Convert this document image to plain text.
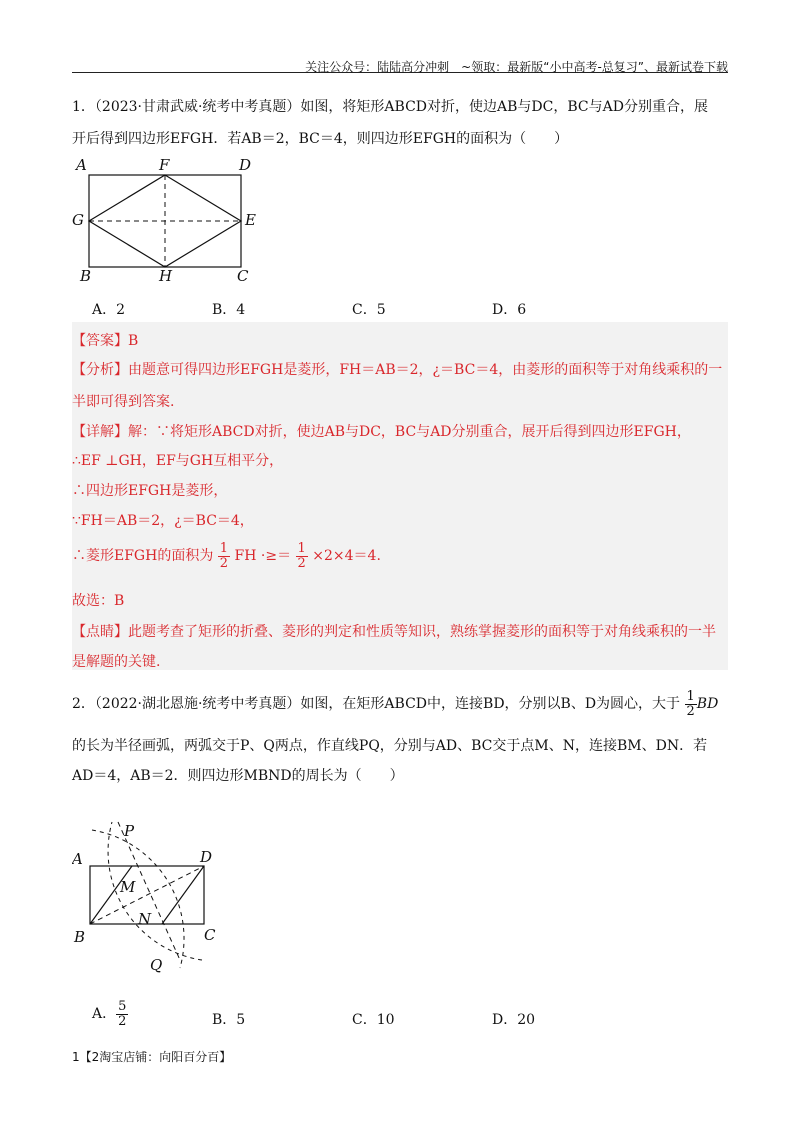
关注公众号：陆陆高分冲刺　~领取：最新版“小中高考-总复习”、最新试卷下载
1．（2023·甘肃武威·统考中考真题）如图，将矩形ABCD对折，使边AB与DC，BC与AD分别重合，展
开后得到四边形EFGH．若AB＝2，BC＝4，则四边形EFGH的面积为（　　）
A	F	D
G	E
B	H	C
A．2	B．4	C．5	D．6
【答案】B
【分析】由题意可得四边形EFGH是菱形，FH＝AB＝2，¿＝BC＝4，由菱形的面积等于对角线乘积的一
半即可得到答案.
【详解】解：∵将矩形ABCD对折，使边AB与DC，BC与AD分别重合，展开后得到四边形EFGH，
∴EF ⊥GH，EF与GH互相平分，
∴四边形EFGH是菱形，
∵FH＝AB＝2，¿＝BC＝4，
∴菱形EFGH的面积为 $\frac{1}{2}$ FH ·≥＝ $\frac{1}{2} \times 2\times 4=4$.
故选：B
【点睛】此题考查了矩形的折叠、菱形的判定和性质等知识，熟练掌握菱形的面积等于对角线乘积的一半
是解题的关键.
2．（2022·湖北恩施·统考中考真题）如图，在矩形ABCD中，连接BD，分别以B、D为圆心，大于 $\frac{1}{2}$ BD
的长为半径画弧，两弧交于P、Q两点，作直线PQ，分别与AD、BC交于点M、N，连接BM、DN．若
AD＝4，AB＝2．则四边形MBND的周长为（　　）
P
A	D
M
N
B	C
Q
A． $\frac{5}{2}$	B．5	C．10	D．20
1【2淘宝店铺：向阳百分百】
